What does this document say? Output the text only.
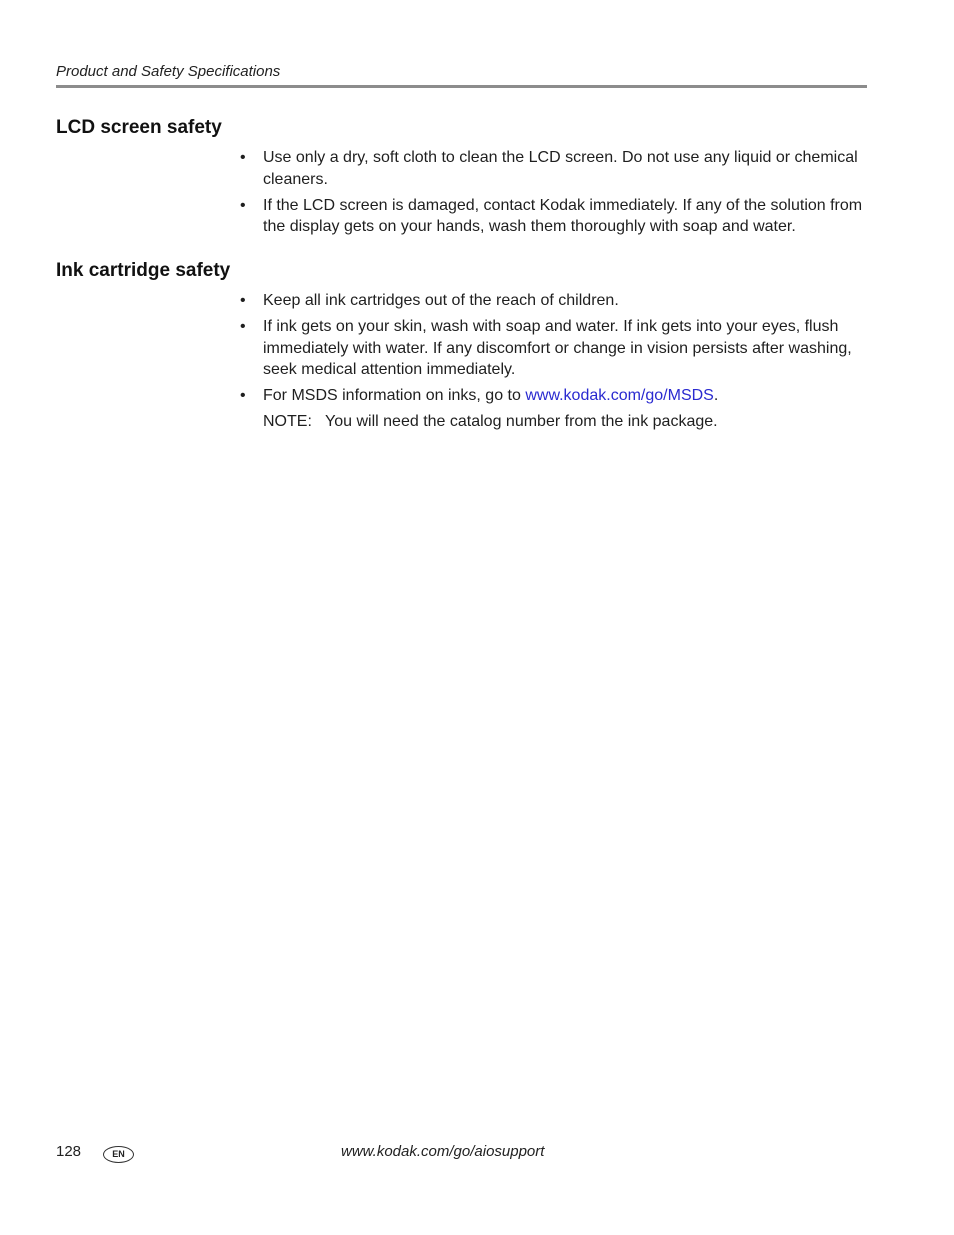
Product and Safety Specifications
LCD screen safety
• Use only a dry, soft cloth to clean the LCD screen. Do not use any liquid or chemical cleaners.
• If the LCD screen is damaged, contact Kodak immediately. If any of the solution from the display gets on your hands, wash them thoroughly with soap and water.
Ink cartridge safety
• Keep all ink cartridges out of the reach of children.
• If ink gets on your skin, wash with soap and water. If ink gets into your eyes, flush immediately with water. If any discomfort or change in vision persists after washing, seek medical attention immediately.
• For MSDS information on inks, go to www.kodak.com/go/MSDS.
NOTE: You will need the catalog number from the ink package.
128	EN	www.kodak.com/go/aiosupport
